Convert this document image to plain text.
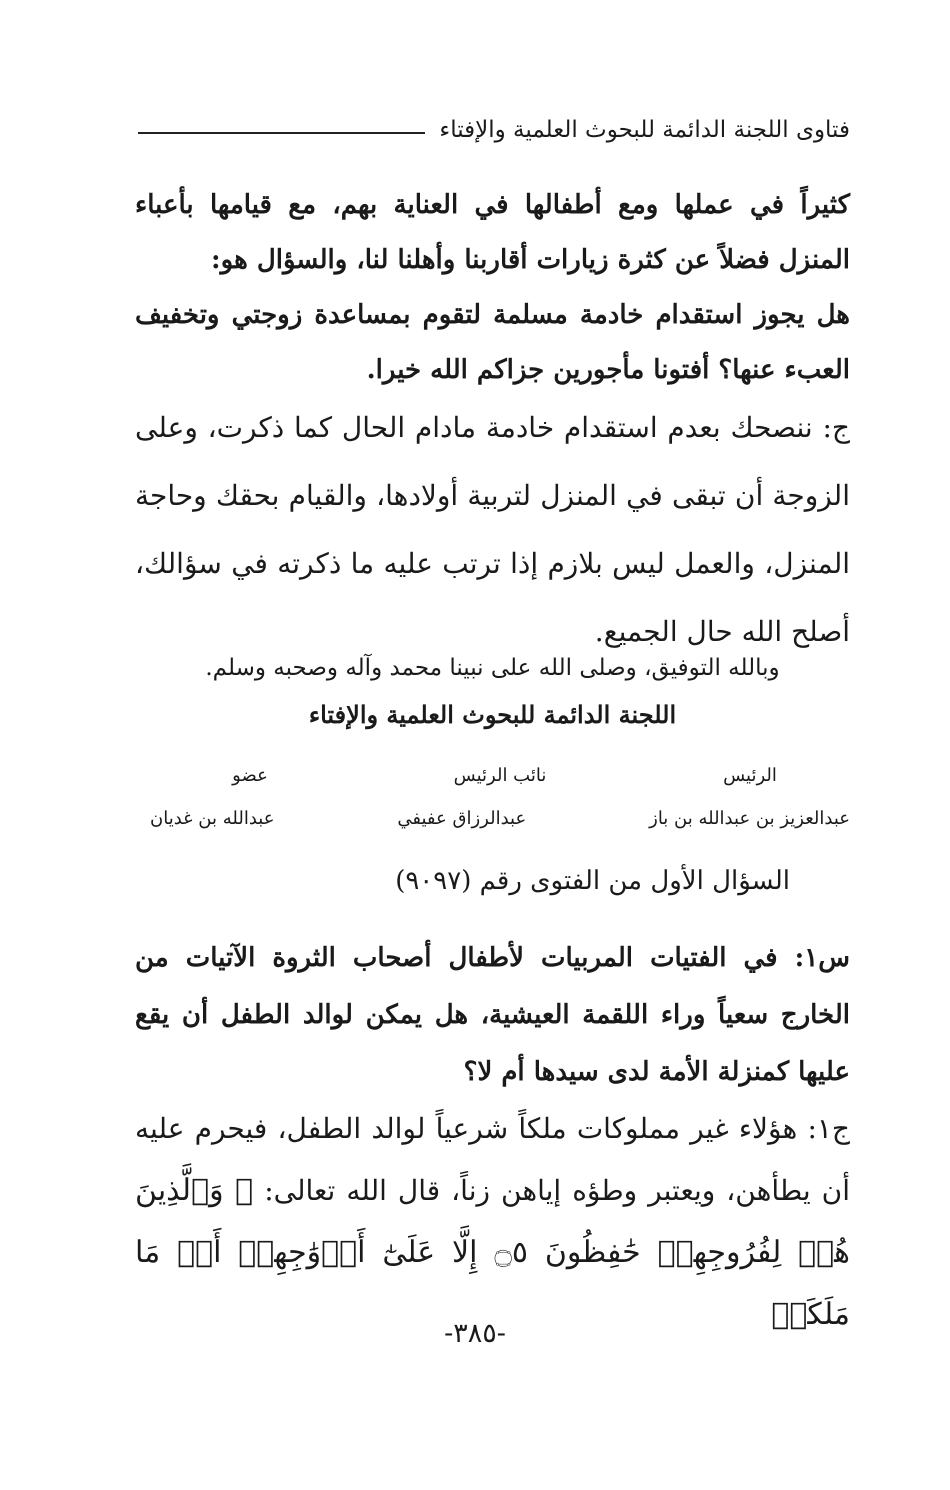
فتاوى اللجنة الدائمة للبحوث العلمية والإفتاء

كثيراً في عملها ومع أطفالها في العناية بهم، مع قيامها بأعباء المنزل فضلاً عن كثرة زيارات أقاربنا وأهلنا لنا، والسؤال هو:

هل يجوز استقدام خادمة مسلمة لتقوم بمساعدة زوجتي وتخفيف العبء عنها؟ أفتونا مأجورين جزاكم الله خيرا.

ج: ننصحك بعدم استقدام خادمة مادام الحال كما ذكرت، وعلى الزوجة أن تبقى في المنزل لتربية أولادها، والقيام بحقك وحاجة المنزل، والعمل ليس بلازم إذا ترتب عليه ما ذكرته في سؤالك، أصلح الله حال الجميع.

وبالله التوفيق، وصلى الله على نبينا محمد وآله وصحبه وسلم.

اللجنة الدائمة للبحوث العلمية والإفتاء

عضو	نائب الرئيس	الرئيس
عبدالله بن غديان	عبدالرزاق عفيفي	عبدالعزيز بن عبدالله بن باز

السؤال الأول من الفتوى رقم (٩٠٩٧)

س١: في الفتيات المربيات لأطفال أصحاب الثروة الآتيات من الخارج سعياً وراء اللقمة العيشية، هل يمكن لوالد الطفل أن يقع عليها كمنزلة الأمة لدى سيدها أم لا؟

ج١: هؤلاء غير مملوكات ملكاً شرعياً لوالد الطفل، فيحرم عليه أن يطأهن، ويعتبر وطؤه إياهن زناً، قال الله تعالى: ﴿ وَٱلَّذِينَ هُمۡ لِفُرُوجِهِمۡ حَٰفِظُونَ ۝٥ إِلَّا عَلَىٰٓ أَزۡوَٰجِهِمۡ أَوۡ مَا مَلَكَتۡ

-٣٨٥-
